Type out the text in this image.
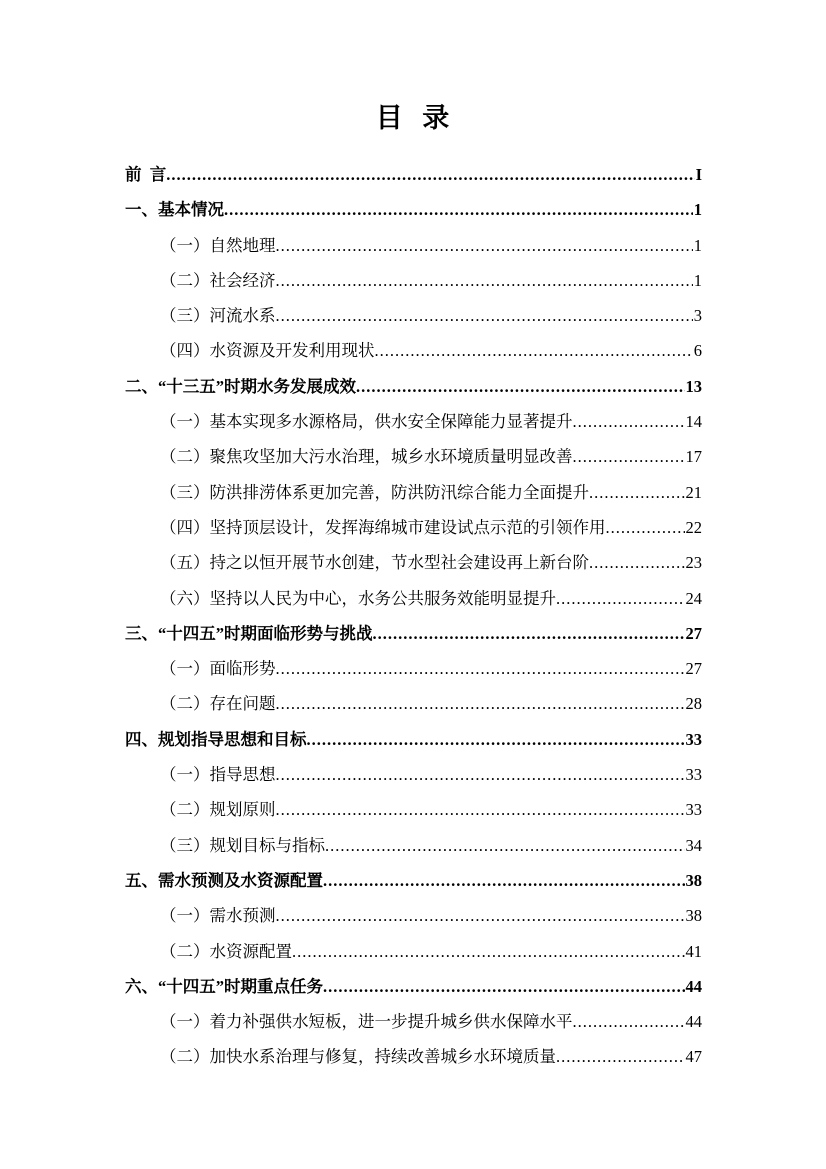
目  录
前  言 .....	I
一、基本情况 .....	1
（一）自然地理 .....	1
（二）社会经济 .....	1
（三）河流水系 .....	3
（四）水资源及开发利用现状 .....	6
二、“十三五”时期水务发展成效 .....	13
（一）基本实现多水源格局，供水安全保障能力显著提升 .....	14
（二）聚焦攻坚加大污水治理，城乡水环境质量明显改善 .....	17
（三）防洪排涝体系更加完善，防洪防汛综合能力全面提升 .....	21
（四）坚持顶层设计，发挥海绵城市建设试点示范的引领作用 .....	22
（五）持之以恒开展节水创建，节水型社会建设再上新台阶 .....	23
（六）坚持以人民为中心，水务公共服务效能明显提升 .....	24
三、“十四五”时期面临形势与挑战 .....	27
（一）面临形势 .....	27
（二）存在问题 .....	28
四、规划指导思想和目标 .....	33
（一）指导思想 .....	33
（二）规划原则 .....	33
（三）规划目标与指标 .....	34
五、需水预测及水资源配置 .....	38
（一）需水预测 .....	38
（二）水资源配置 .....	41
六、“十四五”时期重点任务 .....	44
（一）着力补强供水短板，进一步提升城乡供水保障水平 .....	44
（二）加快水系治理与修复，持续改善城乡水环境质量 .....	47
